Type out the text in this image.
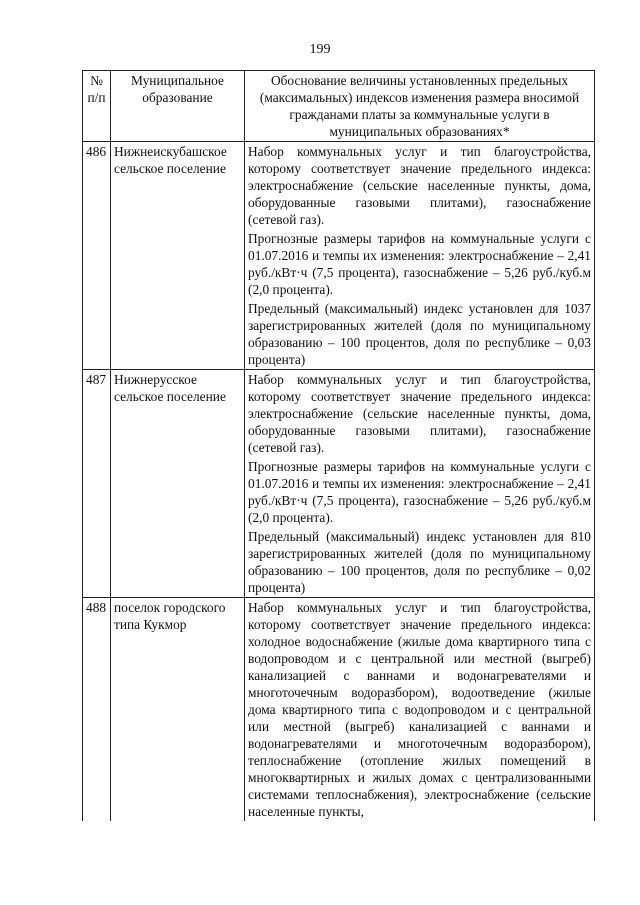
199
№ п/п	Муниципальное образование	Обоснование величины установленных предельных (максимальных) индексов изменения размера вносимой гражданами платы за коммунальные услуги в муниципальных образованиях*
486	Нижнеискубашское сельское поселение	Набор коммунальных услуг и тип благоустройства, которому соответствует значение предельного индекса: электроснабжение (сельские населенные пункты, дома, оборудованные газовыми плитами), газоснабжение (сетевой газ).

Прогнозные размеры тарифов на коммунальные услуги с 01.07.2016 и темпы их изменения: электроснабжение – 2,41 руб./кВт·ч (7,5 процента), газоснабжение – 5,26 руб./куб.м (2,0 процента).

Предельный (максимальный) индекс установлен для 1037 зарегистрированных жителей (доля по муниципальному образованию – 100 процентов, доля по республике – 0,03 процента)

487	Нижнерусское сельское поселение	Набор коммунальных услуг и тип благоустройства, которому соответствует значение предельного индекса: электроснабжение (сельские населенные пункты, дома, оборудованные газовыми плитами), газоснабжение (сетевой газ).

Прогнозные размеры тарифов на коммунальные услуги с 01.07.2016 и темпы их изменения: электроснабжение – 2,41 руб./кВт·ч (7,5 процента), газоснабжение – 5,26 руб./куб.м (2,0 процента).

Предельный (максимальный) индекс установлен для 810 зарегистрированных жителей (доля по муниципальному образованию – 100 процентов, доля по республике – 0,02 процента)

488	поселок городского типа Кукмор	Набор коммунальных услуг и тип благоустройства, которому соответствует значение предельного индекса: холодное водоснабжение (жилые дома квартирного типа с водопроводом и с центральной или местной (выгреб) канализацией с ваннами и водонагревателями и многоточечным водоразбором), водоотведение (жилые дома квартирного типа с водопроводом и с центральной или местной (выгреб) канализацией с ваннами и водонагревателями и многоточечным водоразбором), теплоснабжение (отопление жилых помещений в многоквартирных и жилых домах с централизованными системами теплоснабжения), электроснабжение (сельские населенные пункты,
